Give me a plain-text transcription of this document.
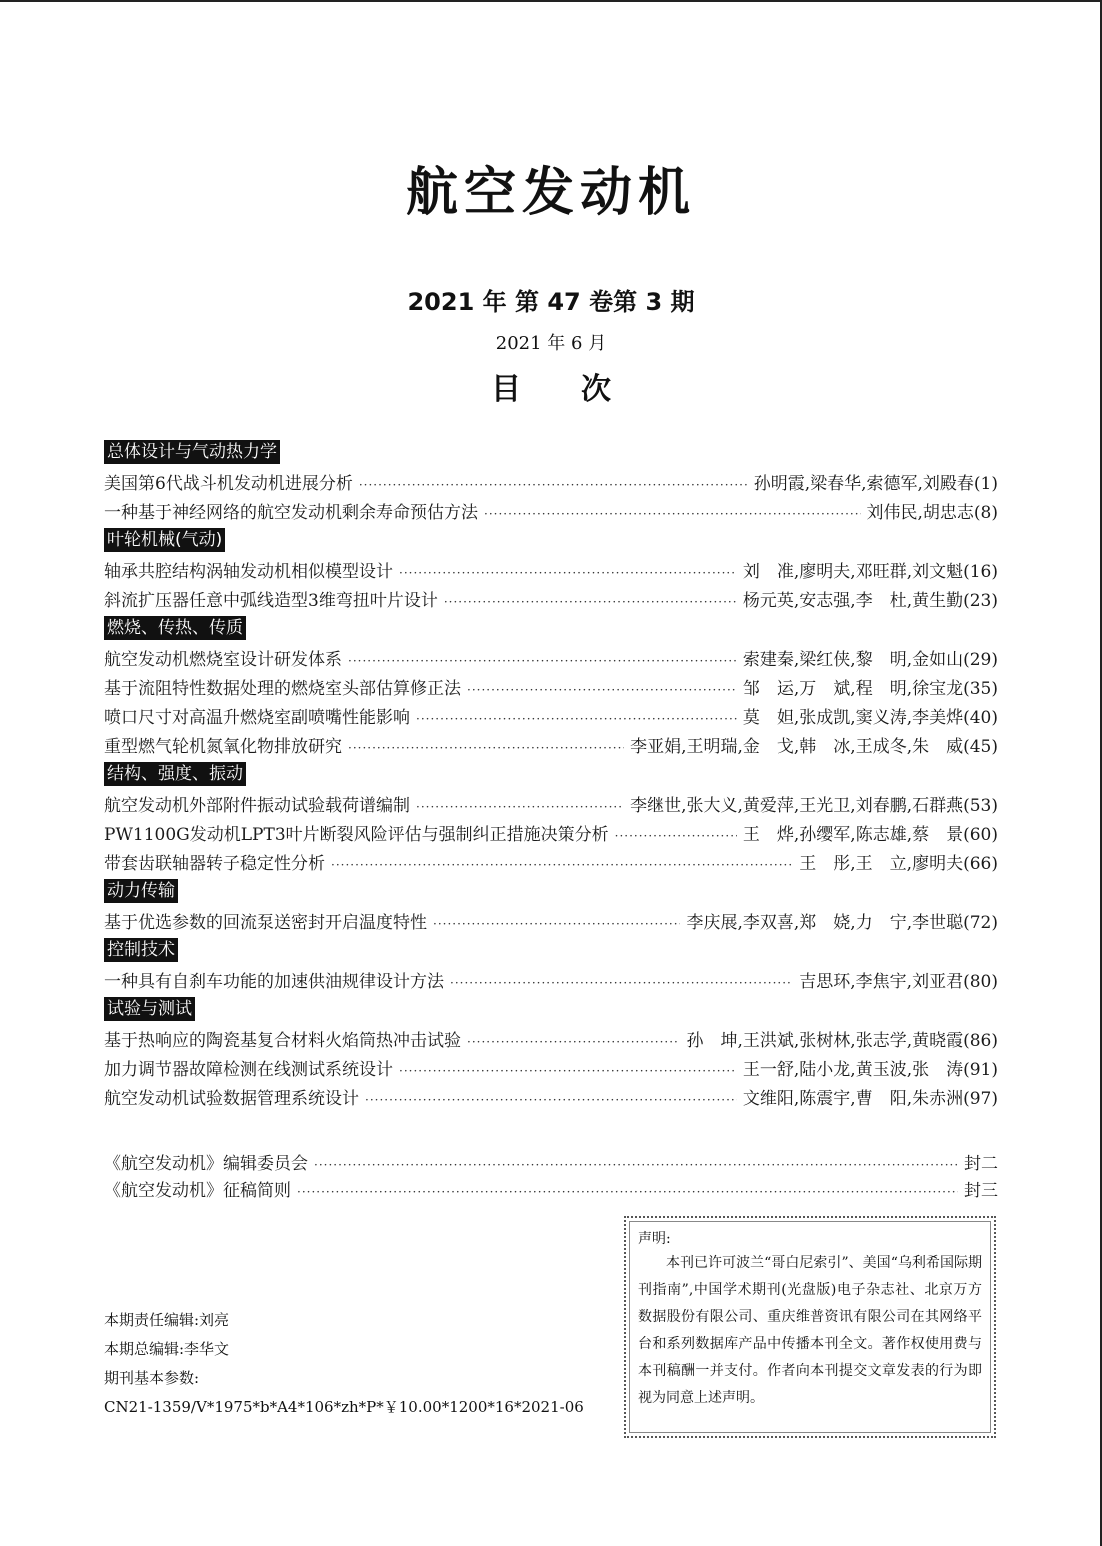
航空发动机
2021 年 第 47 卷第 3 期
2021 年 6 月
目次
总体设计与气动热力学
美国第6代战斗机发动机进展分析 ·····	孙明霞,梁春华,索德军,刘殿春(1)
一种基于神经网络的航空发动机剩余寿命预估方法 ·····	刘伟民,胡忠志(8)
叶轮机械(气动)
轴承共腔结构涡轴发动机相似模型设计 ·····	刘　准,廖明夫,邓旺群,刘文魁(16)
斜流扩压器任意中弧线造型3维弯扭叶片设计 ·····	杨元英,安志强,李　杜,黄生勤(23)
燃烧、传热、传质
航空发动机燃烧室设计研发体系 ·····	索建秦,梁红侠,黎　明,金如山(29)
基于流阻特性数据处理的燃烧室头部估算修正法 ·····	邹　运,万　斌,程　明,徐宝龙(35)
喷口尺寸对高温升燃烧室副喷嘴性能影响 ·····	莫　妲,张成凯,窦义涛,李美烨(40)
重型燃气轮机氮氧化物排放研究 ·····	李亚娟,王明瑞,金　戈,韩　冰,王成冬,朱　威(45)
结构、强度、振动
航空发动机外部附件振动试验载荷谱编制 ·····	李继世,张大义,黄爱萍,王光卫,刘春鹏,石群燕(53)
PW1100G发动机LPT3叶片断裂风险评估与强制纠正措施决策分析 ·····	王　烨,孙缨军,陈志雄,蔡　景(60)
带套齿联轴器转子稳定性分析 ·····	王　彤,王　立,廖明夫(66)
动力传输
基于优选参数的回流泵送密封开启温度特性 ·····	李庆展,李双喜,郑　娆,力　宁,李世聪(72)
控制技术
一种具有自刹车功能的加速供油规律设计方法 ·····	吉思环,李焦宇,刘亚君(80)
试验与测试
基于热响应的陶瓷基复合材料火焰筒热冲击试验 ·····	孙　坤,王洪斌,张树林,张志学,黄晓霞(86)
加力调节器故障检测在线测试系统设计 ·····	王一舒,陆小龙,黄玉波,张　涛(91)
航空发动机试验数据管理系统设计 ·····	文维阳,陈震宇,曹　阳,朱赤洲(97)
《航空发动机》编辑委员会 ·····	封二
《航空发动机》征稿简则 ·····	封三
本期责任编辑:刘亮
本期总编辑:李华文
期刊基本参数:
CN21-1359/V*1975*b*A4*106*zh*P*￥10.00*1200*16*2021-06
声明:
本刊已许可波兰“哥白尼索引”、美国“乌利希国际期刊指南”,中国学术期刊(光盘版)电子杂志社、北京万方数据股份有限公司、重庆维普资讯有限公司在其网络平台和系列数据库产品中传播本刊全文。著作权使用费与本刊稿酬一并支付。作者向本刊提交文章发表的行为即视为同意上述声明。
